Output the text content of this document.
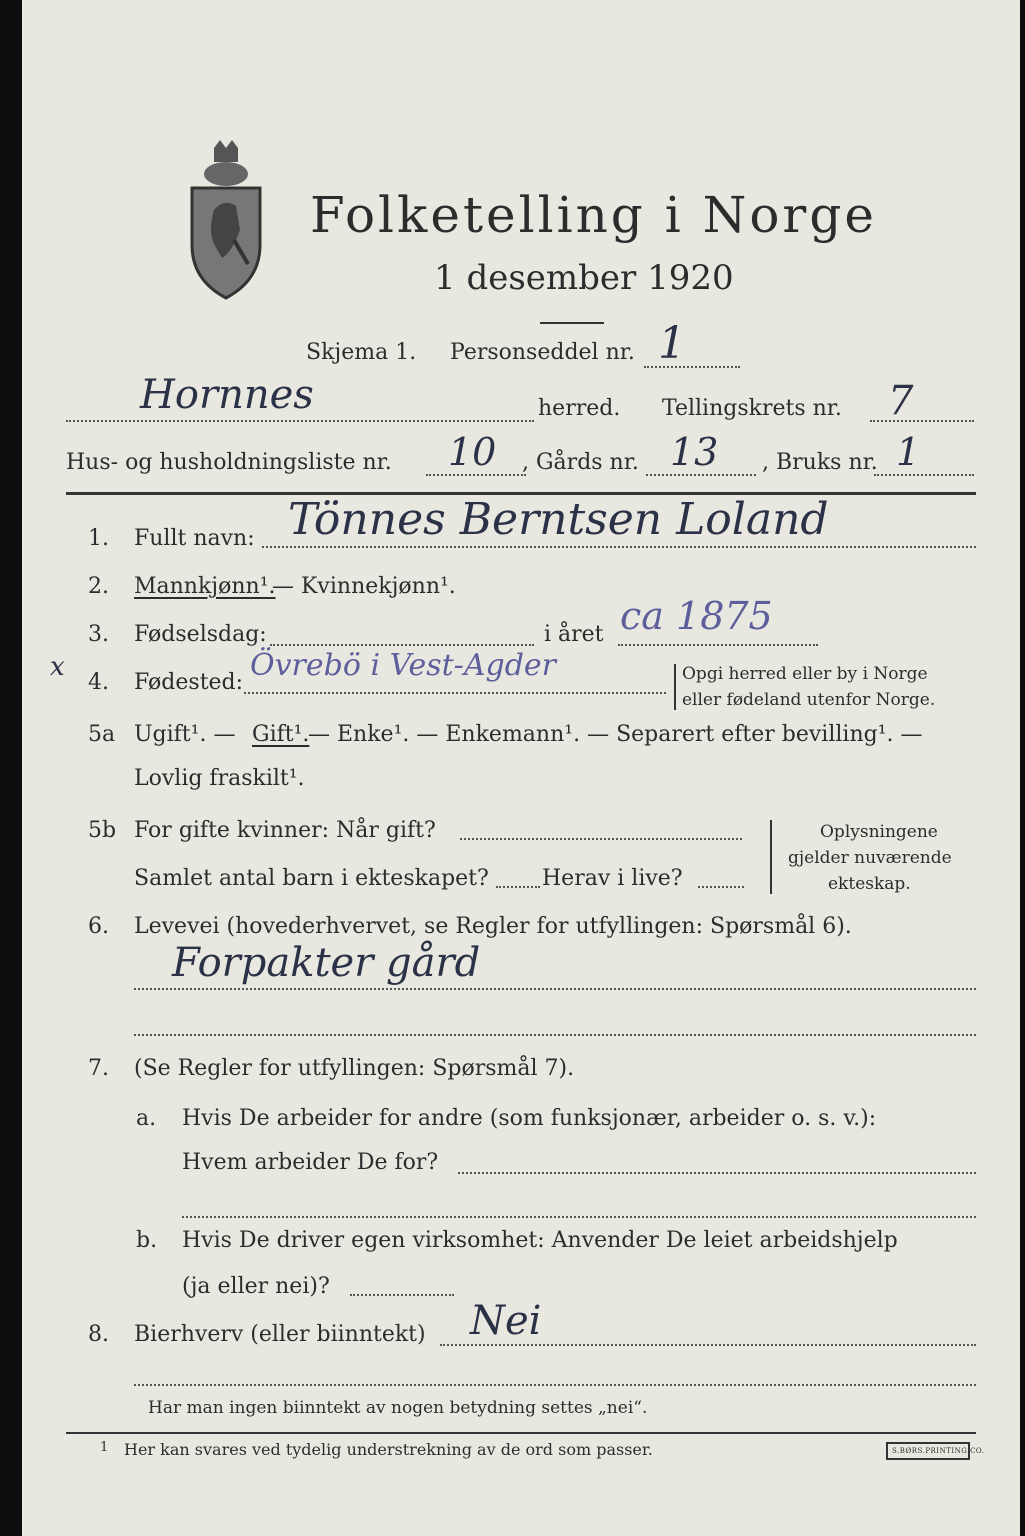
Folketelling i Norge
1 desember 1920
Skjema 1. Personseddel nr. 1
Hornnes	herred. Tellingskrets nr. 7
Hus- og husholdningsliste nr. 10 , Gårds nr. 13 , Bruks nr. 1
1. Fullt navn: Tönnes Berntsen Loland
2. Mannkjønn¹.
— Kvinnekjønn¹.
3. Fødselsdag:	i året ca 1875
x
4. Fødested: Övrebö i Vest-Agder	Opgi herred eller by i Norge
eller fødeland utenfor Norge.
5a Ugift¹. — Gift¹.
— Enke¹. — Enkemann¹. — Separert efter bevilling¹. —
Lovlig fraskilt¹.
5b For gifte kvinner: Når gift?
Samlet antal barn i ekteskapet? Herav i live?
Oplysningene
gjelder nuværende
ekteskap.
6. Levevei (hovederhvervet, se Regler for utfyllingen: Spørsmål 6).
Forpakter gård
7. (Se Regler for utfyllingen: Spørsmål 7).
a. Hvis De arbeider for andre (som funksjonær, arbeider o. s. v.):
Hvem arbeider De for?
b. Hvis De driver egen virksomhet: Anvender De leiet arbeidshjelp
(ja eller nei)?
8. Bierhverv (eller biinntekt) Nei
Har man ingen biinntekt av nogen betydning settes „nei“.
1 Her kan svares ved tydelig understrekning av de ord som passer.	S.BØRS.PRINTING CO.
